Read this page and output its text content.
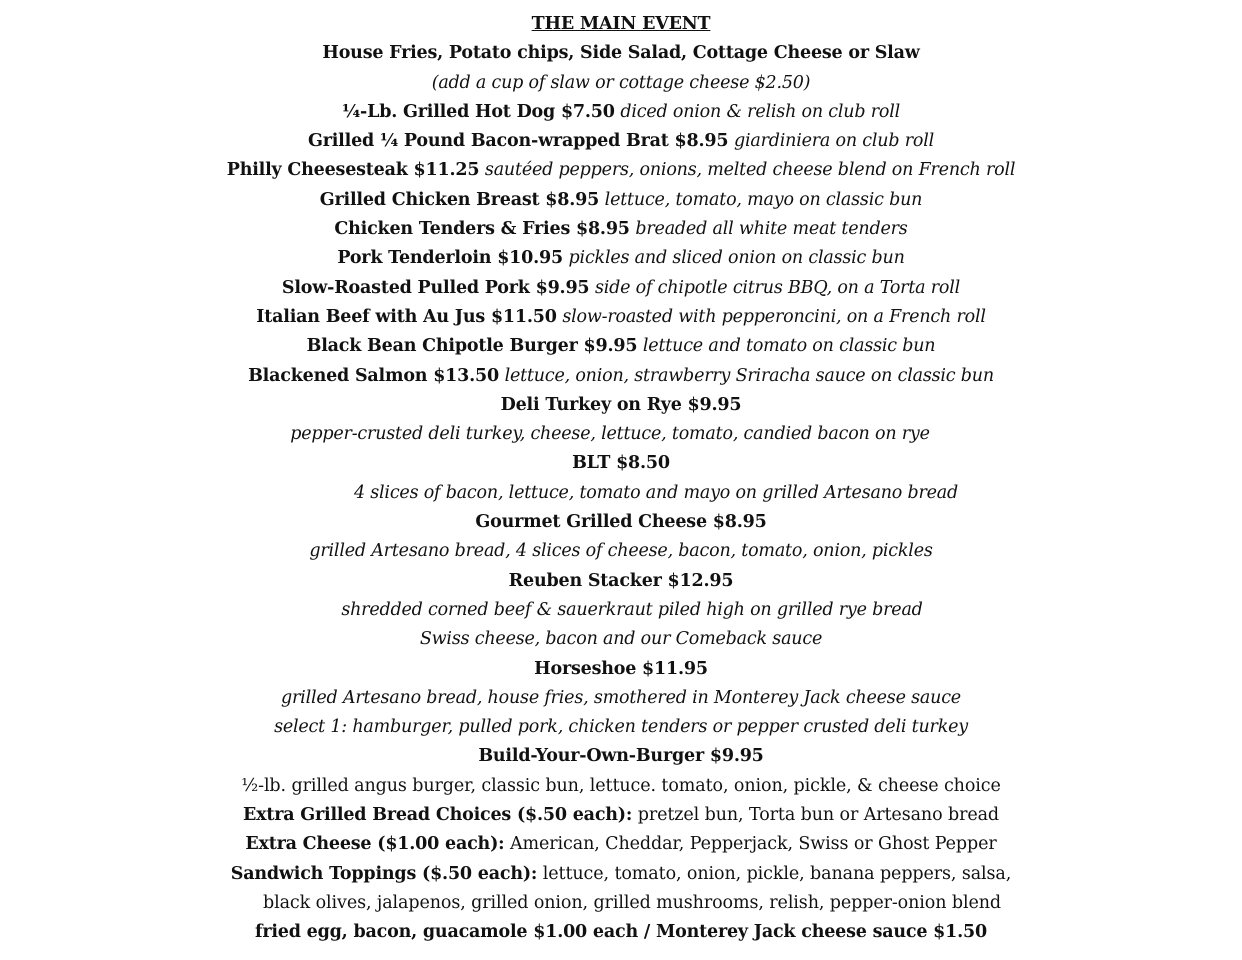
THE MAIN EVENT
House Fries, Potato chips, Side Salad, Cottage Cheese or Slaw
(add a cup of slaw or cottage cheese $2.50)
¼-Lb. Grilled Hot Dog $7.50 diced onion & relish on club roll
Grilled ¼ Pound Bacon-wrapped Brat $8.95 giardiniera on club roll
Philly Cheesesteak $11.25 sautéed peppers, onions, melted cheese blend on French roll
Grilled Chicken Breast $8.95 lettuce, tomato, mayo on classic bun
Chicken Tenders & Fries $8.95 breaded all white meat tenders
Pork Tenderloin $10.95 pickles and sliced onion on classic bun
Slow-Roasted Pulled Pork $9.95 side of chipotle citrus BBQ, on a Torta roll
Italian Beef with Au Jus $11.50 slow-roasted with pepperoncini, on a French roll
Black Bean Chipotle Burger $9.95 lettuce and tomato on classic bun
Blackened Salmon $13.50 lettuce, onion, strawberry Sriracha sauce on classic bun
Deli Turkey on Rye $9.95
pepper-crusted deli turkey, cheese, lettuce, tomato, candied bacon on rye
BLT $8.50
4 slices of bacon, lettuce, tomato and mayo on grilled Artesano bread
Gourmet Grilled Cheese $8.95
grilled Artesano bread, 4 slices of cheese, bacon, tomato, onion, pickles
Reuben Stacker $12.95
shredded corned beef & sauerkraut piled high on grilled rye bread
Swiss cheese, bacon and our Comeback sauce
Horseshoe $11.95
grilled Artesano bread, house fries, smothered in Monterey Jack cheese sauce
select 1: hamburger, pulled pork, chicken tenders or pepper crusted deli turkey
Build-Your-Own-Burger $9.95
½-lb. grilled angus burger, classic bun, lettuce. tomato, onion, pickle, & cheese choice
Extra Grilled Bread Choices ($.50 each): pretzel bun, Torta bun or Artesano bread
Extra Cheese ($1.00 each): American, Cheddar, Pepperjack, Swiss or Ghost Pepper
Sandwich Toppings ($.50 each): lettuce, tomato, onion, pickle, banana peppers, salsa,
black olives, jalapenos, grilled onion, grilled mushrooms, relish, pepper-onion blend
fried egg, bacon, guacamole $1.00 each / Monterey Jack cheese sauce $1.50
